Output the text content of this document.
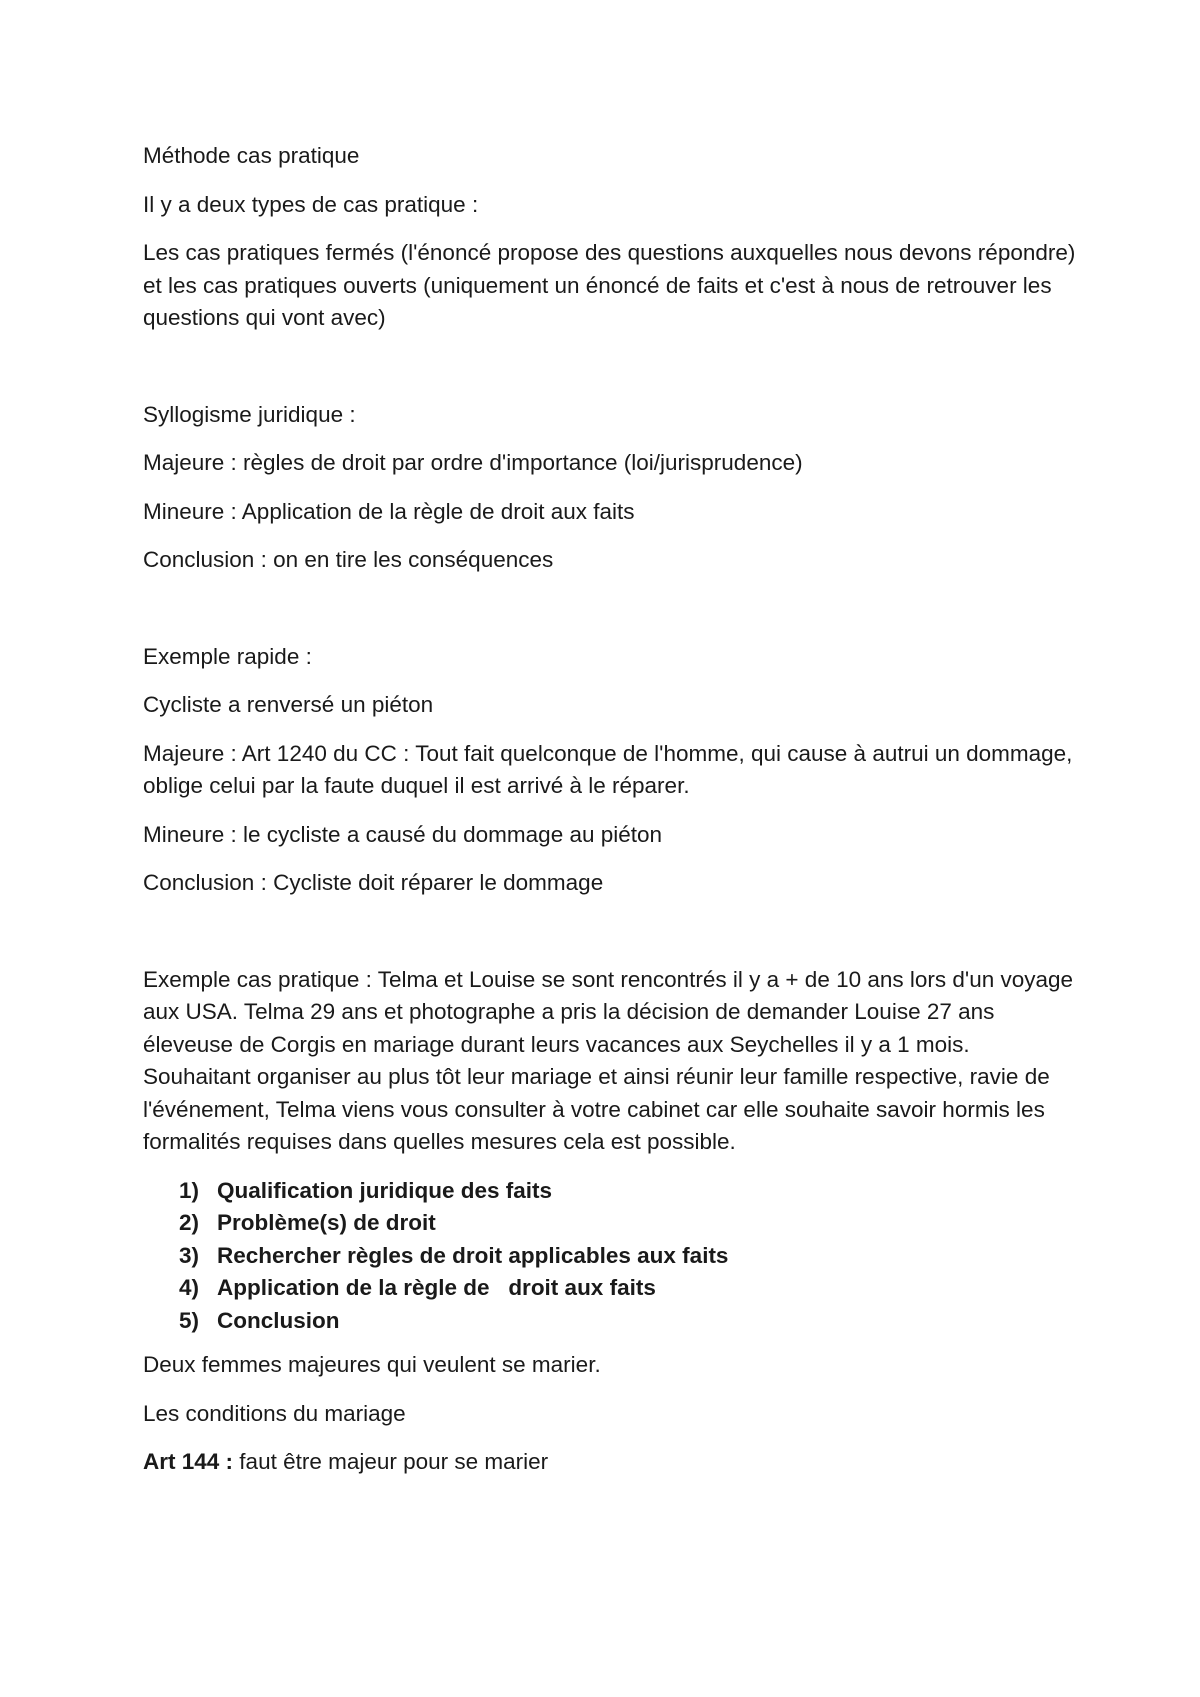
Méthode cas pratique

Il y a deux types de cas pratique :

Les cas pratiques fermés (l'énoncé propose des questions auxquelles nous devons répondre) et les cas pratiques ouverts (uniquement un énoncé de faits et c'est à nous de retrouver les questions qui vont avec)

Syllogisme juridique :

Majeure : règles de droit par ordre d'importance (loi/jurisprudence)

Mineure : Application de la règle de droit aux faits

Conclusion : on en tire les conséquences

Exemple rapide :

Cycliste a renversé un piéton

Majeure : Art 1240 du CC : Tout fait quelconque de l'homme, qui cause à autrui un dommage, oblige celui par la faute duquel il est arrivé à le réparer.

Mineure : le cycliste a causé du dommage au piéton

Conclusion : Cycliste doit réparer le dommage

Exemple cas pratique : Telma et Louise se sont rencontrés il y a + de 10 ans lors d'un voyage aux USA. Telma 29 ans et photographe a pris la décision de demander Louise 27 ans éleveuse de Corgis en mariage durant leurs vacances aux Seychelles il y a 1 mois. Souhaitant organiser au plus tôt leur mariage et ainsi réunir leur famille respective, ravie de l'événement, Telma viens vous consulter à votre cabinet car elle souhaite savoir hormis les formalités requises dans quelles mesures cela est possible.

1) Qualification juridique des faits
2) Problème(s) de droit
3) Rechercher règles de droit applicables aux faits
4) Application de la règle de   droit aux faits
5) Conclusion

Deux femmes majeures qui veulent se marier.

Les conditions du mariage

Art 144 : faut être majeur pour se marier
